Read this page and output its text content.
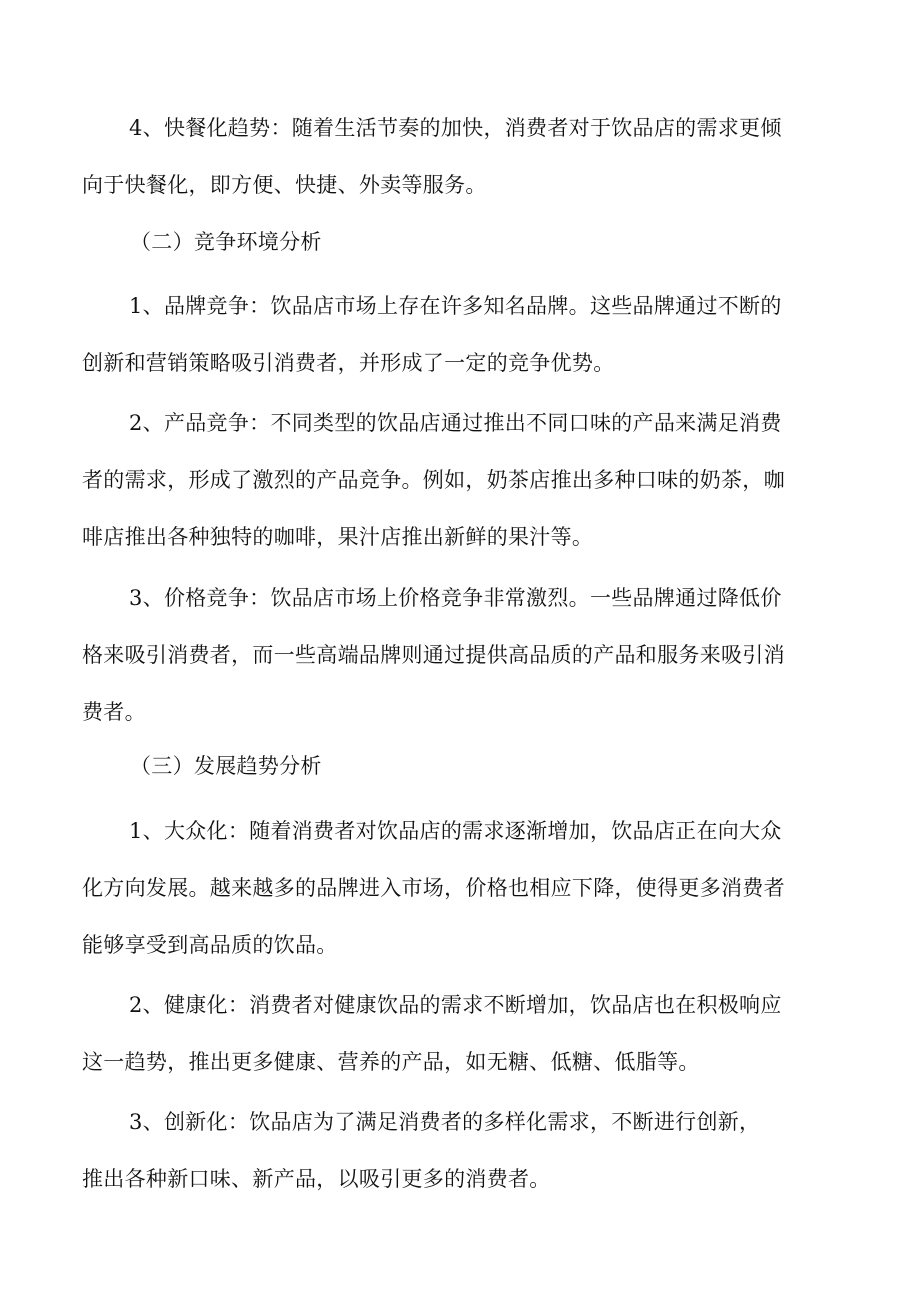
4、快餐化趋势：随着生活节奏的加快，消费者对于饮品店的需求更倾
向于快餐化，即方便、快捷、外卖等服务。

（二）竞争环境分析

1、品牌竞争：饮品店市场上存在许多知名品牌。这些品牌通过不断的
创新和营销策略吸引消费者，并形成了一定的竞争优势。

2、产品竞争：不同类型的饮品店通过推出不同口味的产品来满足消费
者的需求，形成了激烈的产品竞争。例如，奶茶店推出多种口味的奶茶，咖
啡店推出各种独特的咖啡，果汁店推出新鲜的果汁等。

3、价格竞争：饮品店市场上价格竞争非常激烈。一些品牌通过降低价
格来吸引消费者，而一些高端品牌则通过提供高品质的产品和服务来吸引消
费者。

（三）发展趋势分析

1、大众化：随着消费者对饮品店的需求逐渐增加，饮品店正在向大众
化方向发展。越来越多的品牌进入市场，价格也相应下降，使得更多消费者
能够享受到高品质的饮品。

2、健康化：消费者对健康饮品的需求不断增加，饮品店也在积极响应
这一趋势，推出更多健康、营养的产品，如无糖、低糖、低脂等。

3、创新化：饮品店为了满足消费者的多样化需求，不断进行创新，
推出各种新口味、新产品，以吸引更多的消费者。
